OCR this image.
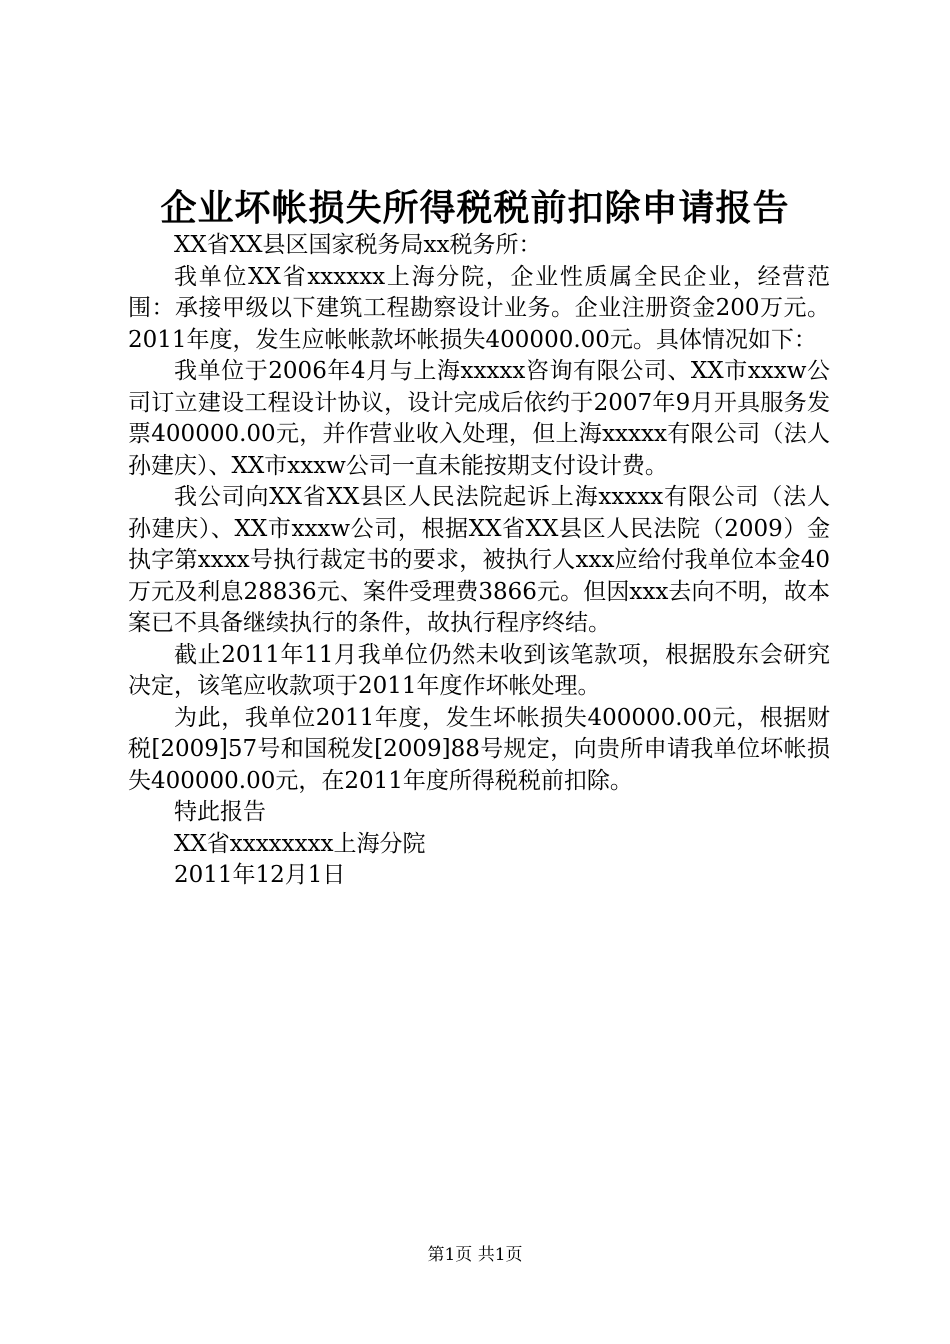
企业坏帐损失所得税税前扣除申请报告

XX省XX县区国家税务局xx税务所：

我单位XX省xxxxxx上海分院，企业性质属全民企业，经营范围：承接甲级以下建筑工程勘察设计业务。企业注册资金200万元。2011年度，发生应帐帐款坏帐损失400000.00元。具体情况如下：

我单位于2006年4月与上海xxxxx咨询有限公司、XX市xxxw公司订立建设工程设计协议，设计完成后依约于2007年9月开具服务发票400000.00元，并作营业收入处理，但上海xxxxx有限公司（法人孙建庆）、XX市xxxw公司一直未能按期支付设计费。

我公司向XX省XX县区人民法院起诉上海xxxxx有限公司（法人孙建庆）、XX市xxxw公司，根据XX省XX县区人民法院（2009）金执字第xxxx号执行裁定书的要求，被执行人xxx应给付我单位本金40万元及利息28836元、案件受理费3866元。但因xxx去向不明，故本案已不具备继续执行的条件，故执行程序终结。

截止2011年11月我单位仍然未收到该笔款项，根据股东会研究决定，该笔应收款项于2011年度作坏帐处理。

为此，我单位2011年度，发生坏帐损失400000.00元，根据财税[2009]57号和国税发[2009]88号规定，向贵所申请我单位坏帐损失400000.00元，在2011年度所得税税前扣除。

特此报告

XX省xxxxxxxx上海分院

2011年12月1日

第1页 共1页
